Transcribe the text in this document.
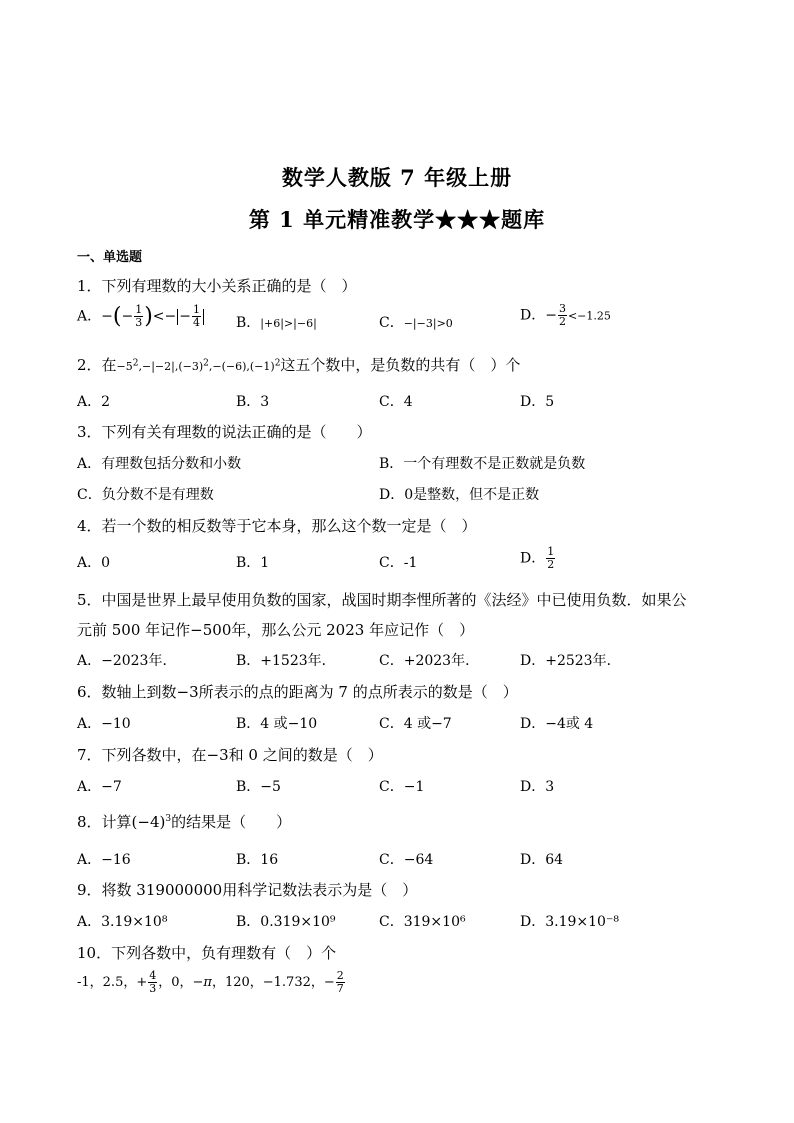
数学人教版 7 年级上册
第 1 单元精准教学★★★题库
一、单选题
1．下列有理数的大小关系正确的是（　）
A．−(− $\frac{1}{3}$ )<− − $\frac{1}{4}$	B．|+6|>|−6|	C．−|−3|>0	D．− $\frac{3}{2} <-1.25$
2．在$-5^2,-|-2|,(-3)^2,-(-6),(-1)^2$这五个数中，是负数的共有（　）个
A．2	B．3	C．4	D．5
3．下列有关有理数的说法正确的是（　　）
A．有理数包括分数和小数	B．一个有理数不是正数就是负数
C．负分数不是有理数	D．0是整数，但不是正数
4．若一个数的相反数等于它本身，那么这个数一定是（　）
A．0	B．1	C．-1	D． $\frac{1}{2}$
5．中国是世界上最早使用负数的国家，战国时期李悝所著的《法经》中已使用负数．如果公
元前 500 年记作−500年，那么公元 2023 年应记作（　）
A．−2023年．	B．+1523年．	C．+2023年．	D．+2523年．
6．数轴上到数−3所表示的点的距离为 7 的点所表示的数是（　）
A．−10	B．4 或−10	C．4 或−7	D．−4或 4
7．下列各数中，在−3和 0 之间的数是（　）
A．−7	B．−5	C．−1	D．3
8．计算$(-4)^3$的结果是（　　）
A．−16	B．16	C．−64	D．64
9．将数 319000000用科学记数法表示为是（　）
A．3.19×10⁸	B．0.319×10⁹	C．319×10⁶	D．3.19×10⁻⁸
10．下列各数中，负有理数有（　）个
-1，2.5，+ $\frac{4}{3}$ ，0，−π，120，−1.732，− $\frac{2}{7}$
